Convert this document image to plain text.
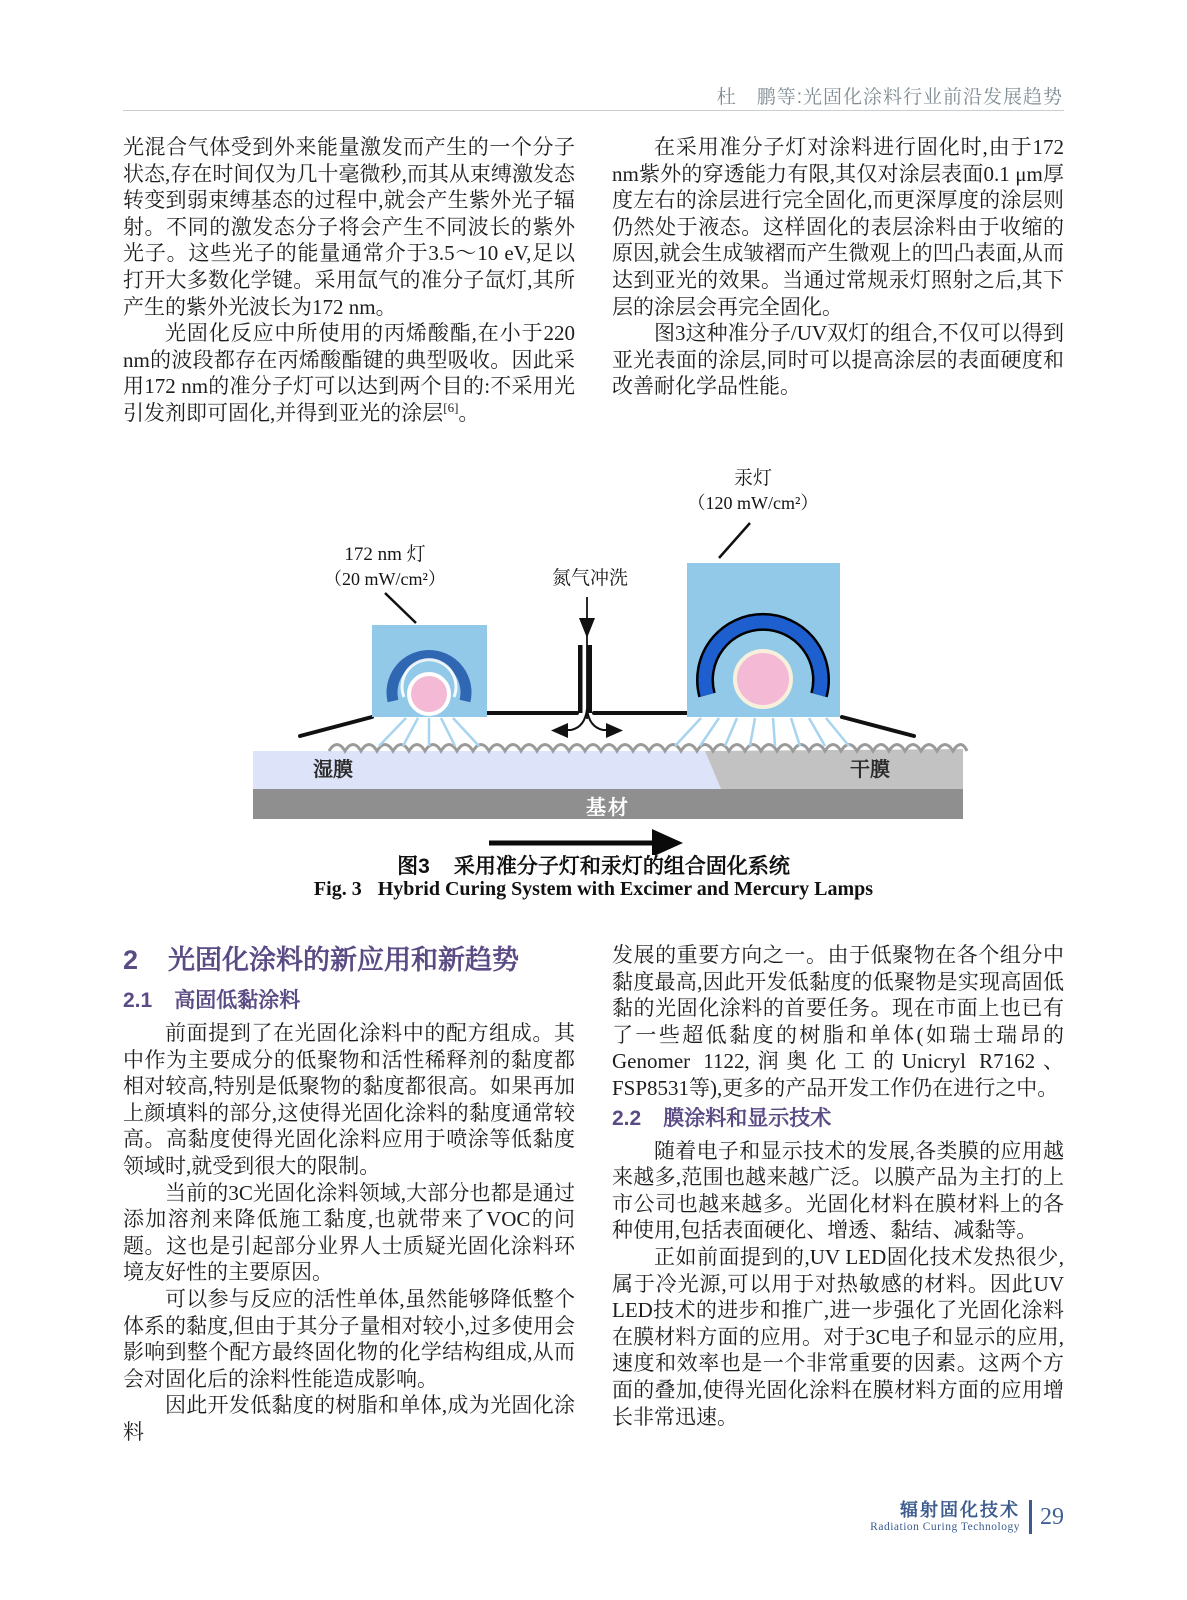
杜　鹏等:光固化涂料行业前沿发展趋势

光混合气体受到外来能量激发而产生的一个分子状态,存在时间仅为几十毫微秒,而其从束缚激发态转变到弱束缚基态的过程中,就会产生紫外光子辐射。不同的激发态分子将会产生不同波长的紫外光子。这些光子的能量通常介于3.5～10 eV,足以打开大多数化学键。采用氙气的准分子氙灯,其所产生的紫外光波长为172 nm。

光固化反应中所使用的丙烯酸酯,在小于220 nm的波段都存在丙烯酸酯键的典型吸收。因此采用172 nm的准分子灯可以达到两个目的:不采用光引发剂即可固化,并得到亚光的涂层[6]。

在采用准分子灯对涂料进行固化时,由于172 nm紫外的穿透能力有限,其仅对涂层表面0.1 μm厚度左右的涂层进行完全固化,而更深厚度的涂层则仍然处于液态。这样固化的表层涂料由于收缩的原因,就会生成皱褶而产生微观上的凹凸表面,从而达到亚光的效果。当通过常规汞灯照射之后,其下层的涂层会再完全固化。

图3这种准分子/UV双灯的组合,不仅可以得到亚光表面的涂层,同时可以提高涂层的表面硬度和改善耐化学品性能。

汞灯
（120 mW/cm²）
172 nm 灯
（20 mW/cm²）	氮气冲洗
湿膜	干膜
基材
图3 采用准分子灯和汞灯的组合固化系统
Fig. 3 Hybrid Curing System with Excimer and Mercury Lamps
2 光固化涂料的新应用和新趋势
2.1 高固低黏涂料

前面提到了在光固化涂料中的配方组成。其中作为主要成分的低聚物和活性稀释剂的黏度都相对较高,特别是低聚物的黏度都很高。如果再加上颜填料的部分,这使得光固化涂料的黏度通常较高。高黏度使得光固化涂料应用于喷涂等低黏度领域时,就受到很大的限制。

当前的3C光固化涂料领域,大部分也都是通过添加溶剂来降低施工黏度,也就带来了VOC的问题。这也是引起部分业界人士质疑光固化涂料环境友好性的主要原因。

可以参与反应的活性单体,虽然能够降低整个体系的黏度,但由于其分子量相对较小,过多使用会影响到整个配方最终固化物的化学结构组成,从而会对固化后的涂料性能造成影响。

因此开发低黏度的树脂和单体,成为光固化涂料

发展的重要方向之一。由于低聚物在各个组分中黏度最高,因此开发低黏度的低聚物是实现高固低黏的光固化涂料的首要任务。现在市面上也已有了一些超低黏度的树脂和单体(如瑞士瑞昂的Genomer 1122,润奥化工的Unicryl R7162、FSP8531等),更多的产品开发工作仍在进行之中。

2.2 膜涂料和显示技术

随着电子和显示技术的发展,各类膜的应用越来越多,范围也越来越广泛。以膜产品为主打的上市公司也越来越多。光固化材料在膜材料上的各种使用,包括表面硬化、增透、黏结、减黏等。

正如前面提到的,UV LED固化技术发热很少,属于冷光源,可以用于对热敏感的材料。因此UV LED技术的进步和推广,进一步强化了光固化涂料在膜材料方面的应用。对于3C电子和显示的应用,速度和效率也是一个非常重要的因素。这两个方面的叠加,使得光固化涂料在膜材料方面的应用增长非常迅速。

辐射固化技术
Radiation Curing Technology 29
